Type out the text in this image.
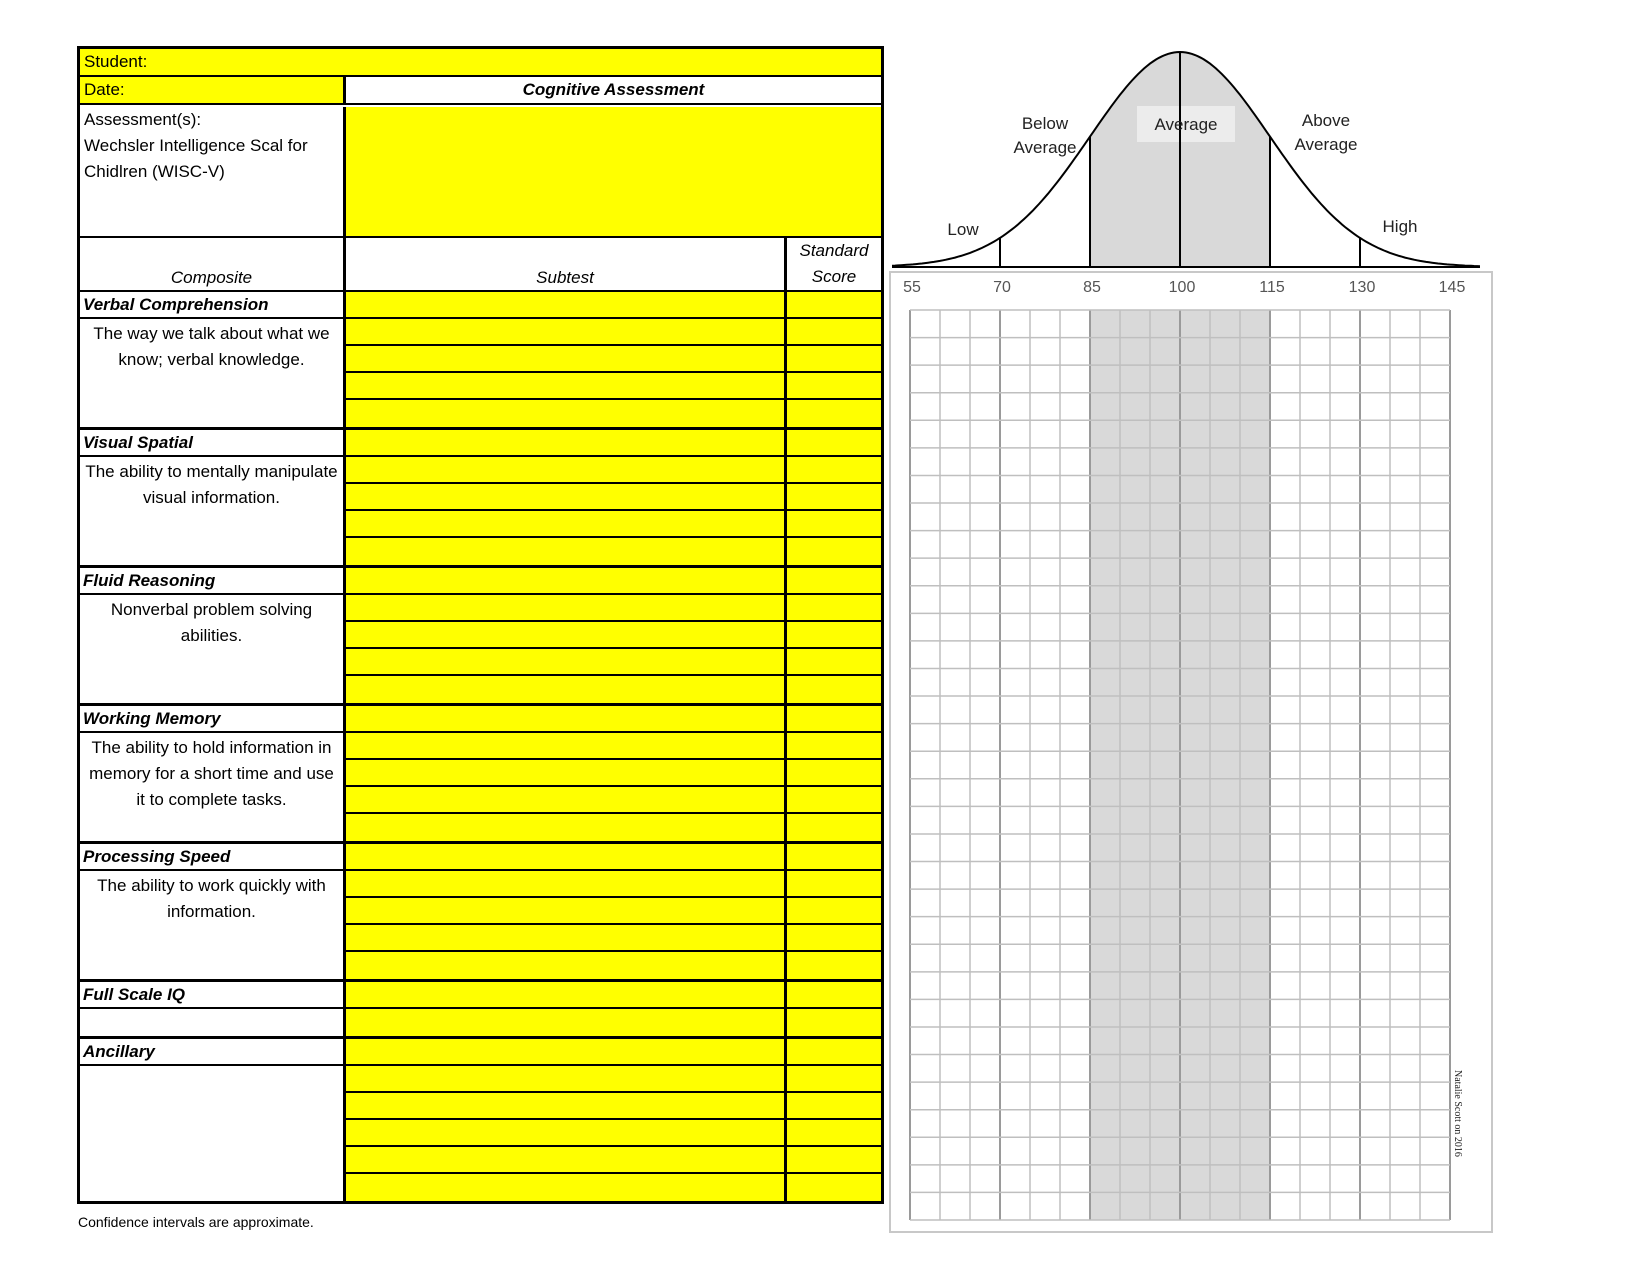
Student:
Date:	Cognitive Assessment
Assessment(s):
Wechsler Intelligence Scal for
Chidlren (WISC-V)
Composite	Subtest
Standard
Score
Verbal Comprehension
The way we talk about what we know; verbal knowledge.
Visual Spatial
The ability to mentally manipulate visual information.
Fluid Reasoning
Nonverbal problem solving abilities.
Working Memory
The ability to hold information in memory for a short time and use it to complete tasks.
Processing Speed
The ability to work quickly with information.
Full Scale IQ
Ancillary
Confidence intervals are approximate.
55	70	85	100	115	130	145
Low
Below
Average
Average	Above
Average
High
Natalie Scott on 2016
